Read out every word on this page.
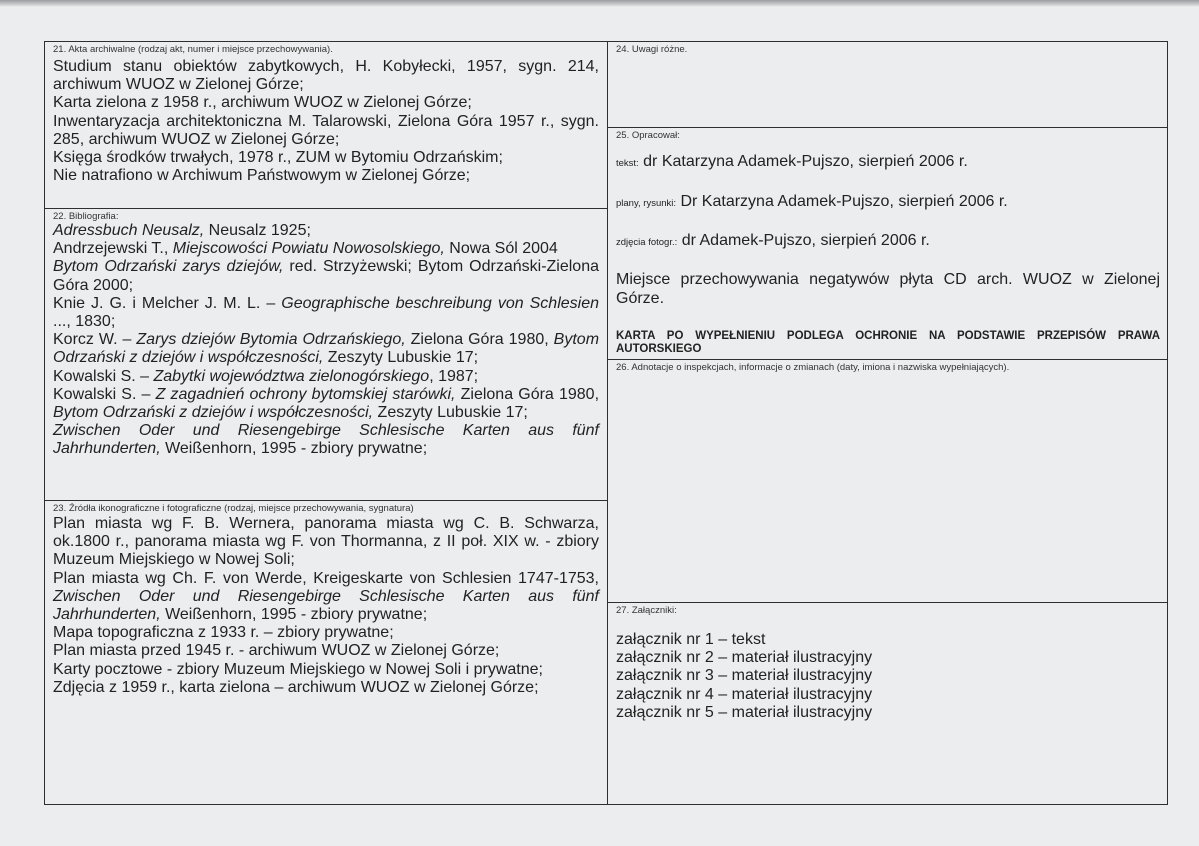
21. Akta archiwalne (rodzaj akt, numer i miejsce przechowywania).

Studium stanu obiektów zabytkowych, H. Kobyłecki, 1957, sygn. 214, archiwum WUOZ w Zielonej Górze;

Karta zielona z 1958 r., archiwum WUOZ w Zielonej Górze;

Inwentaryzacja architektoniczna M. Talarowski, Zielona Góra 1957 r., sygn. 285, archiwum WUOZ w Zielonej Górze;

Księga środków trwałych, 1978 r., ZUM w Bytomiu Odrzańskim;

Nie natrafiono w Archiwum Państwowym w Zielonej Górze;

22. Bibliografia:

Adressbuch Neusalz, Neusalz 1925;

Andrzejewski T., Miejscowości Powiatu Nowosolskiego, Nowa Sól 2004

Bytom Odrzański zarys dziejów, red. Strzyżewski; Bytom Odrzański-Zielona Góra 2000;

Knie J. G. i Melcher J. M. L. – Geographische beschreibung von Schlesien ..., 1830;

Korcz W. – Zarys dziejów Bytomia Odrzańskiego, Zielona Góra 1980, Bytom Odrzański z dziejów i współczesności, Zeszyty Lubuskie 17;

Kowalski S. – Zabytki województwa zielonogórskiego, 1987;

Kowalski S. – Z zagadnień ochrony bytomskiej starówki, Zielona Góra 1980, Bytom Odrzański z dziejów i współczesności, Zeszyty Lubuskie 17;

Zwischen Oder und Riesengebirge Schlesische Karten aus fünf Jahrhunderten, Weißenhorn, 1995 - zbiory prywatne;

23. Źródła ikonograficzne i fotograficzne (rodzaj, miejsce przechowywania, sygnatura)

Plan miasta wg F. B. Wernera, panorama miasta wg C. B. Schwarza, ok.1800 r., panorama miasta wg F. von Thormanna, z II poł. XIX w. - zbiory Muzeum Miejskiego w Nowej Soli;

Plan miasta wg Ch. F. von Werde, Kreigeskarte von Schlesien 1747-1753, Zwischen Oder und Riesengebirge Schlesische Karten aus fünf Jahrhunderten, Weißenhorn, 1995 - zbiory prywatne;

Mapa topograficzna z 1933 r. – zbiory prywatne;

Plan miasta przed 1945 r. - archiwum WUOZ w Zielonej Górze;

Karty pocztowe - zbiory Muzeum Miejskiego w Nowej Soli i prywatne;

Zdjęcia z 1959 r., karta zielona – archiwum WUOZ w Zielonej Górze;

24. Uwagi różne.
25. Opracował:
tekst: dr Katarzyna Adamek-Pujszo, sierpień 2006 r.
plany, rysunki: Dr Katarzyna Adamek-Pujszo, sierpień 2006 r.
zdjęcia fotogr.: dr Adamek-Pujszo, sierpień 2006 r.
Miejsce przechowywania negatywów płyta CD arch. WUOZ w Zielonej Górze.
KARTA PO WYPEŁNIENIU PODLEGA OCHRONIE NA PODSTAWIE PRZEPISÓW PRAWA AUTORSKIEGO
26. Adnotacje o inspekcjach, informacje o zmianach (daty, imiona i nazwiska wypełniających).
27. Załączniki:

załącznik nr 1 – tekst

załącznik nr 2 – materiał ilustracyjny

załącznik nr 3 – materiał ilustracyjny

załącznik nr 4 – materiał ilustracyjny

załącznik nr 5 – materiał ilustracyjny
